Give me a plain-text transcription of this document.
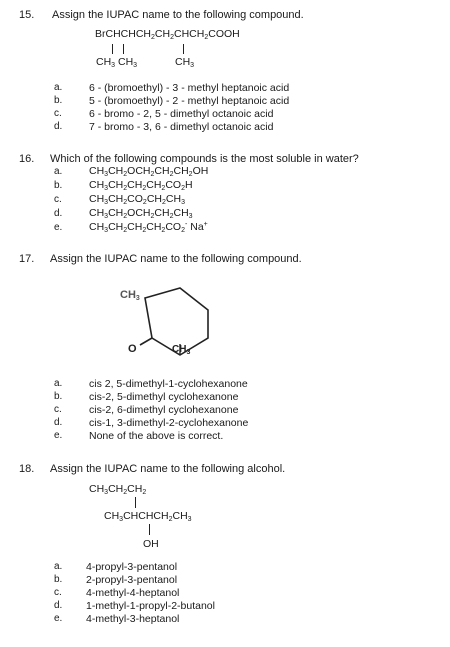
15. Assign the IUPAC name to the following compound.
$BrCHCHCH_2CH_2CHCH_2COOH$
$CH_3$ $CH_3$	$CH_3$
a.	6 - (bromoethyl) - 3 - methyl heptanoic acid
b.	5 - (bromoethyl) - 2 - methyl heptanoic acid
c.	6 - bromo - 2, 5 - dimethyl octanoic acid
d.	7 - bromo - 3, 6 - dimethyl octanoic acid
16. Which of the following compounds is the most soluble in water?
a.	$CH_3CH_2OCH_2CH_2CH_2OH$
b.	$CH_3CH_2CH_2CH_2CO_2H$
c.	$CH_3CH_2CO_2CH_2CH_3$
d.	$CH_3CH_2OCH_2CH_2CH_3$
e.	$CH_3CH_2CH_2CH_2CO_2^-$ Na+
17. Assign the IUPAC name to the following compound.
CH3
O	$CH_3$
a.	cis 2, 5-dimethyl-1-cyclohexanone
b.	cis-2, 5-dimethyl cyclohexanone
c.	cis-2, 6-dimethyl cyclohexanone
d.	cis-1, 3-dimethyl-2-cyclohexanone
e.	None of the above is correct.
18. Assign the IUPAC name to the following alcohol.
$CH_3CH_2CH_2$
$CH_3CHCHCH_2CH_3$
OH
a. 4-propyl-3-pentanol
b. 2-propyl-3-pentanol
c. 4-methyl-4-heptanol
d. 1-methyl-1-propyl-2-butanol
e. 4-methyl-3-heptanol
